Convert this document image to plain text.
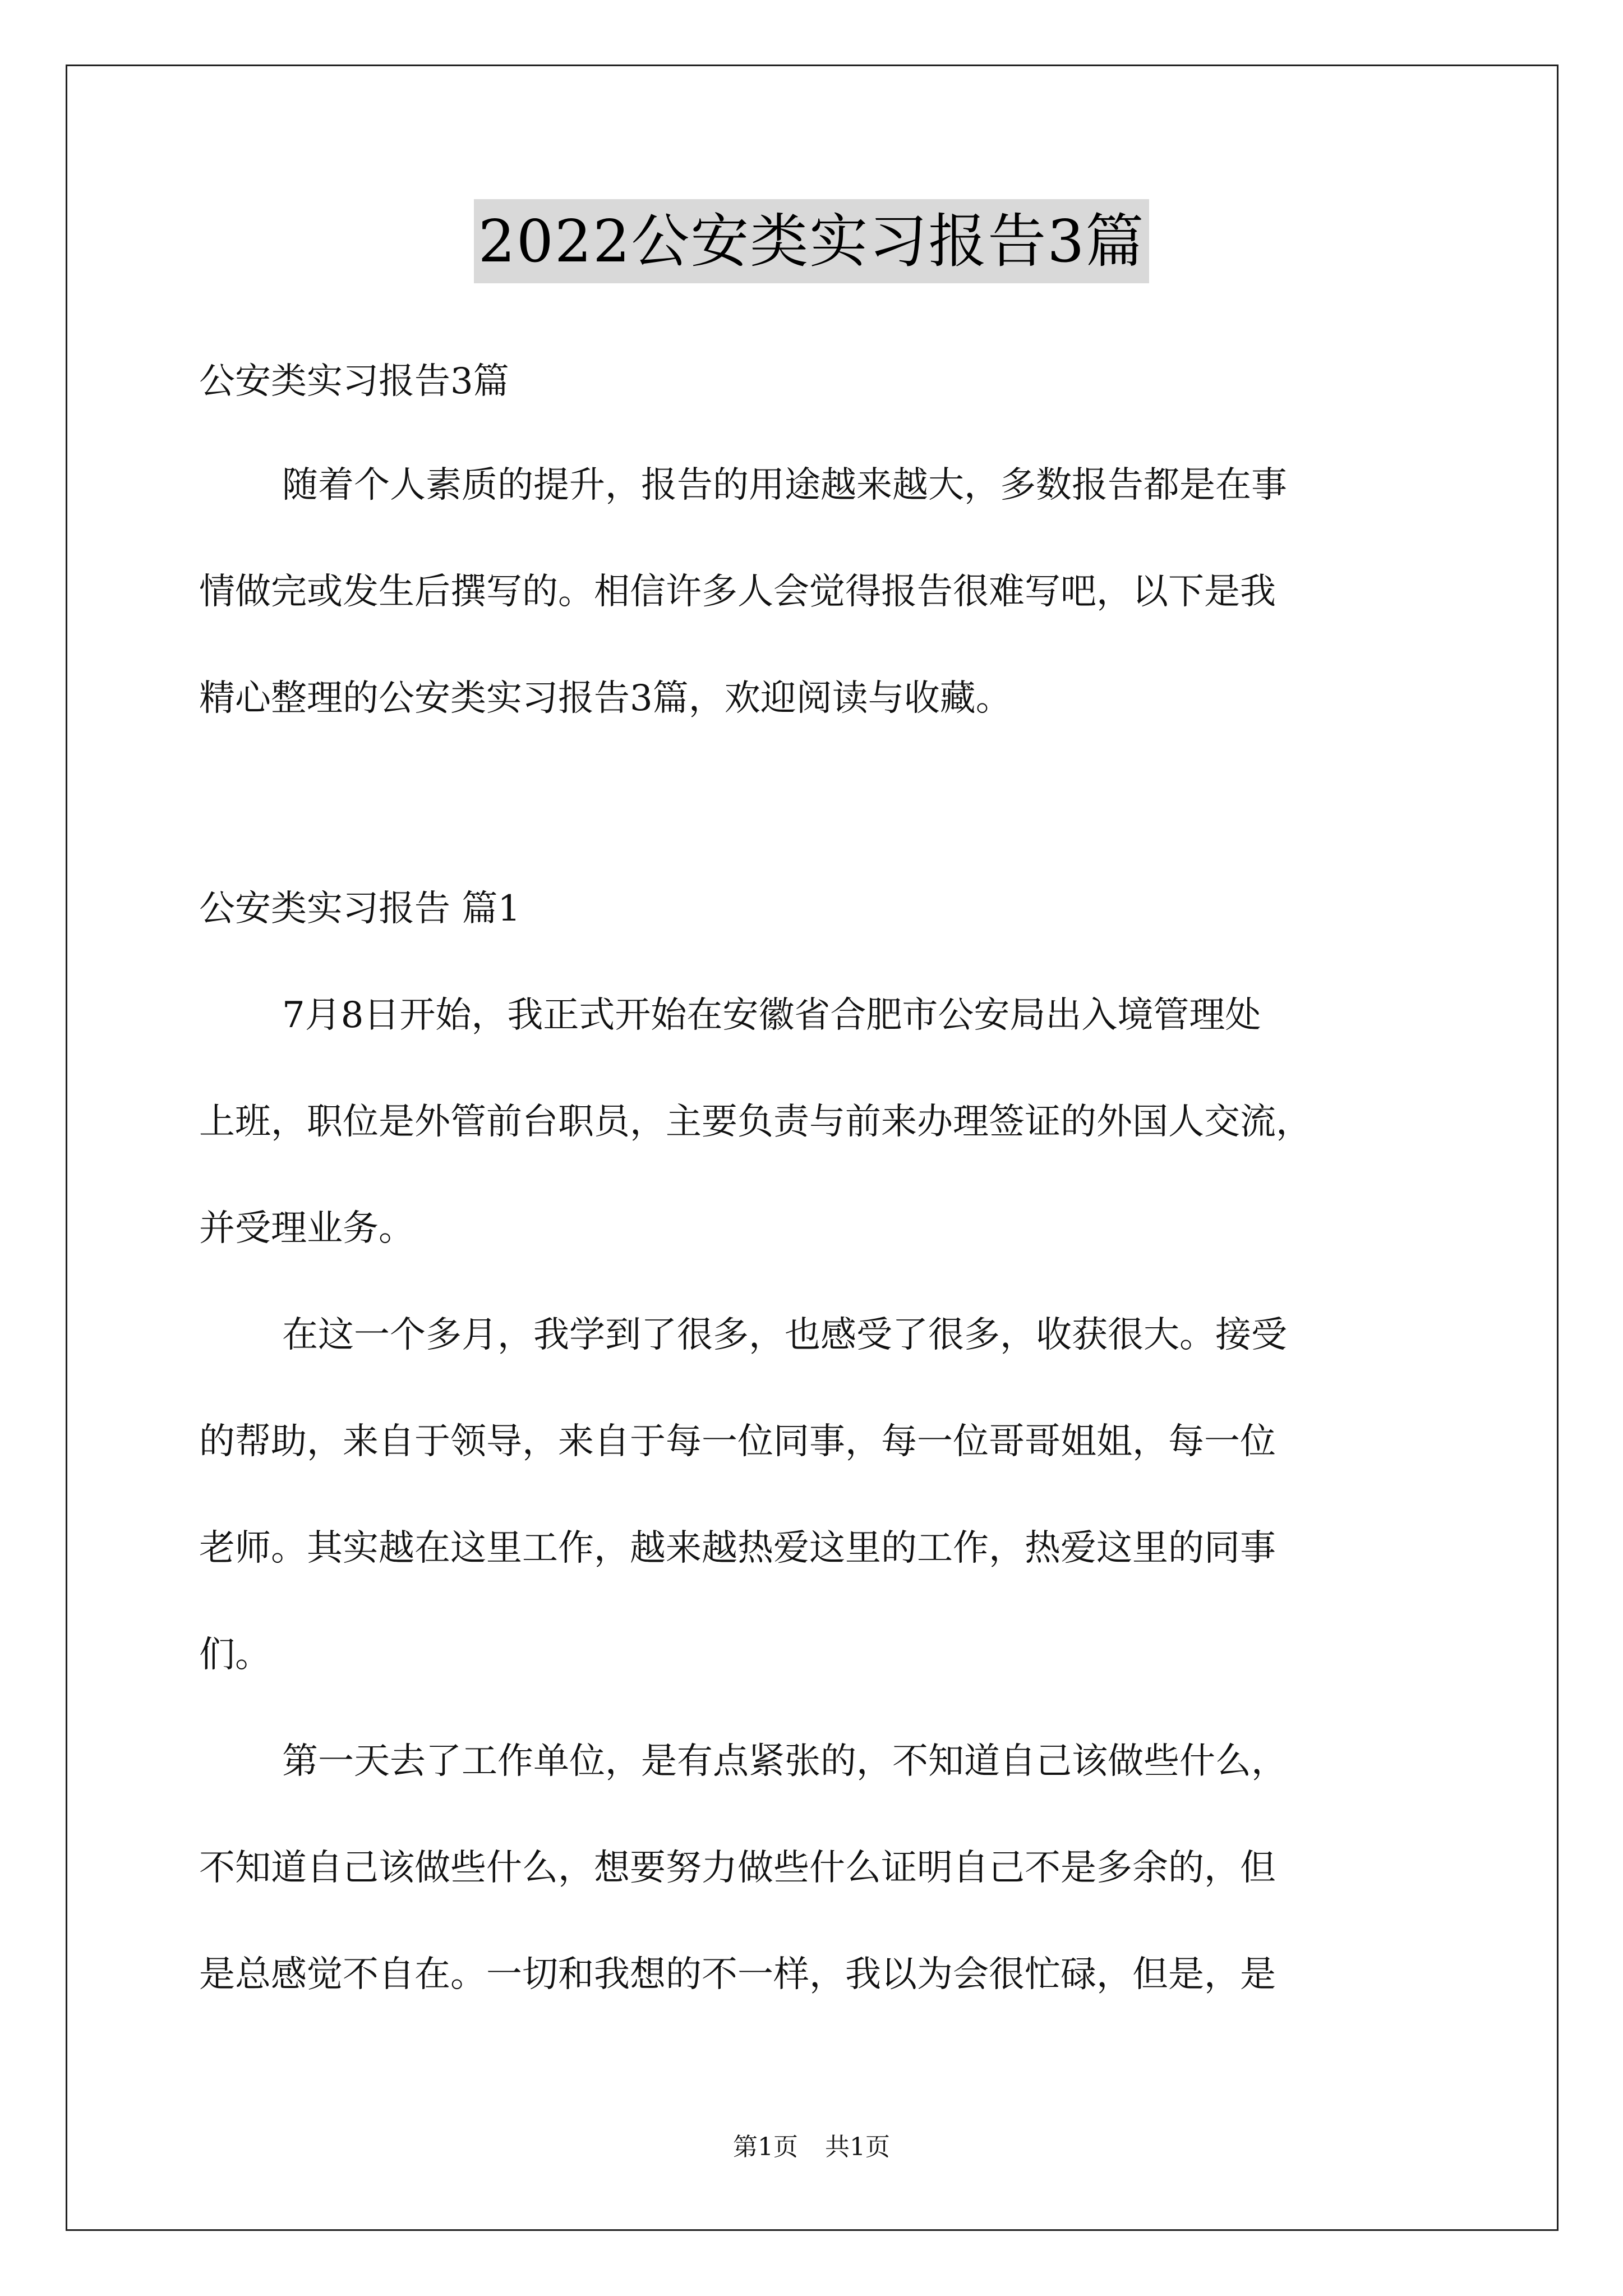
2022公安类实习报告3篇
公安类实习报告3篇
随着个人素质的提升，报告的用途越来越大，多数报告都是在事
情做完或发生后撰写的。相信许多人会觉得报告很难写吧，以下是我
精心整理的公安类实习报告3篇，欢迎阅读与收藏。
公安类实习报告 篇1
7月8日开始，我正式开始在安徽省合肥市公安局出入境管理处
上班，职位是外管前台职员，主要负责与前来办理签证的外国人交流，
并受理业务。
在这一个多月，我学到了很多，也感受了很多，收获很大。接受
的帮助，来自于领导，来自于每一位同事，每一位哥哥姐姐，每一位
老师。其实越在这里工作，越来越热爱这里的工作，热爱这里的同事
们。
第一天去了工作单位，是有点紧张的，不知道自己该做些什么，
不知道自己该做些什么，想要努力做些什么证明自己不是多余的，但
是总感觉不自在。一切和我想的不一样，我以为会很忙碌，但是，是
第1页 共1页
